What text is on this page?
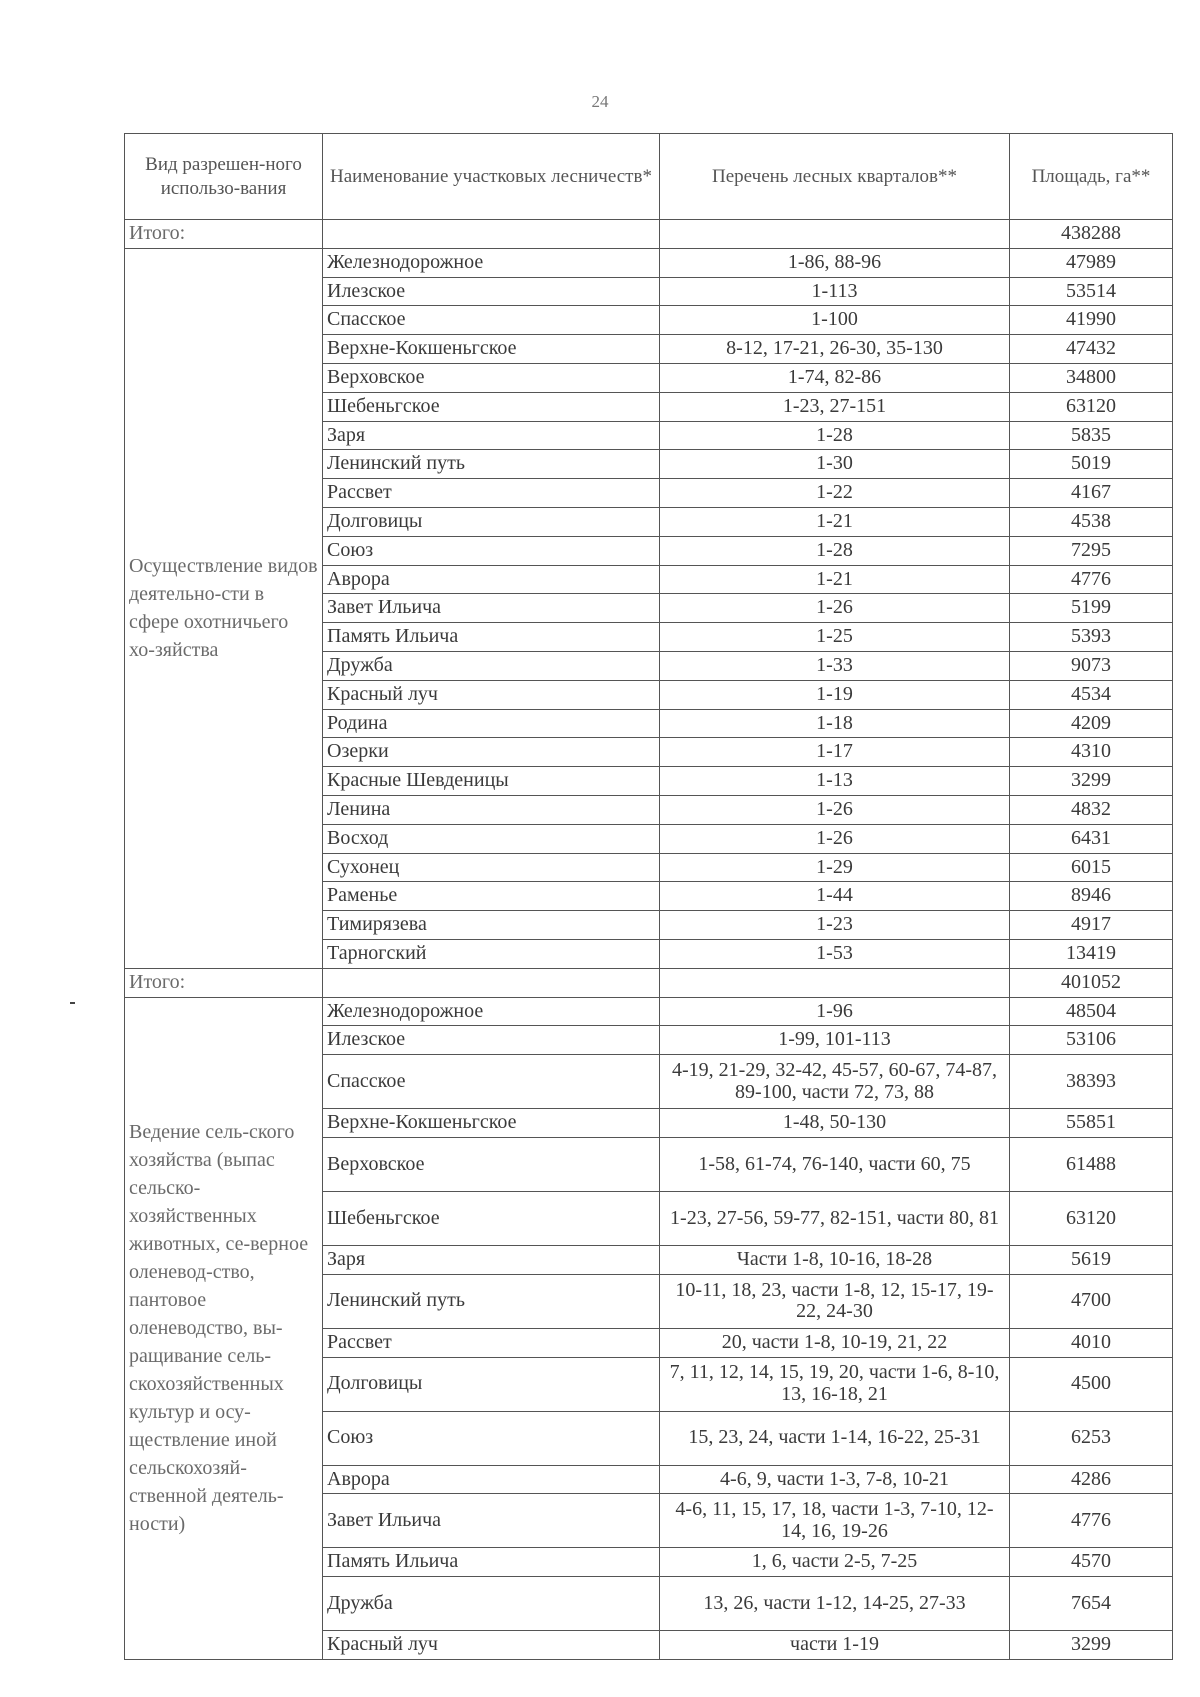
24
Вид разрешен-ного использо-вания	Наименование участковых лесничеств*	Перечень лесных кварталов**	Площадь, га**
Итого:			438288
Осуществление видов деятельно-сти в сфере охотничьего хо-зяйства	Железнодорожное	1-86, 88-96	47989
	Илезское	1-113	53514
	Спасское	1-100	41990
	Верхне-Кокшеньгское	8-12, 17-21, 26-30, 35-130	47432
	Верховское	1-74, 82-86	34800
	Шебеньгское	1-23, 27-151	63120
	Заря	1-28	5835
	Ленинский путь	1-30	5019
	Рассвет	1-22	4167
	Долговицы	1-21	4538
	Союз	1-28	7295
	Аврора	1-21	4776
	Завет Ильича	1-26	5199
	Память Ильича	1-25	5393
	Дружба	1-33	9073
	Красный луч	1-19	4534
	Родина	1-18	4209
	Озерки	1-17	4310
	Красные Шевденицы	1-13	3299
	Ленина	1-26	4832
	Восход	1-26	6431
	Сухонец	1-29	6015
	Раменье	1-44	8946
	Тимирязева	1-23	4917
	Тарногский	1-53	13419
Итого:			401052
Ведение сель-ского хозяйства (выпас сельско-хозяйственных животных, се-верное оленевод-ство, пантовое оленеводство, вы-ращивание сель-скохозяйственных культур и осу-ществление иной сельскохозяй-ственной деятель-ности)	Железнодорожное	1-96	48504
	Илезское	1-99, 101-113	53106
	Спасское	4-19, 21-29, 32-42, 45-57, 60-67, 74-87, 89-100, части 72, 73, 88	38393
	Верхне-Кокшеньгское	1-48, 50-130	55851
	Верховское	1-58, 61-74, 76-140, части 60, 75	61488
	Шебеньгское	1-23, 27-56, 59-77, 82-151, части 80, 81	63120
	Заря	Части 1-8, 10-16, 18-28	5619
	Ленинский путь	10-11, 18, 23, части 1-8, 12, 15-17, 19-22, 24-30	4700
	Рассвет	20, части 1-8, 10-19, 21, 22	4010
	Долговицы	7, 11, 12, 14, 15, 19, 20, части 1-6, 8-10, 13, 16-18, 21	4500
	Союз	15, 23, 24, части 1-14, 16-22, 25-31	6253
	Аврора	4-6, 9, части 1-3, 7-8, 10-21	4286
	Завет Ильича	4-6, 11, 15, 17, 18, части 1-3, 7-10, 12-14, 16, 19-26	4776
	Память Ильича	1, 6, части 2-5, 7-25	4570
	Дружба	13, 26, части 1-12, 14-25, 27-33	7654
	Красный луч	части 1-19	3299
